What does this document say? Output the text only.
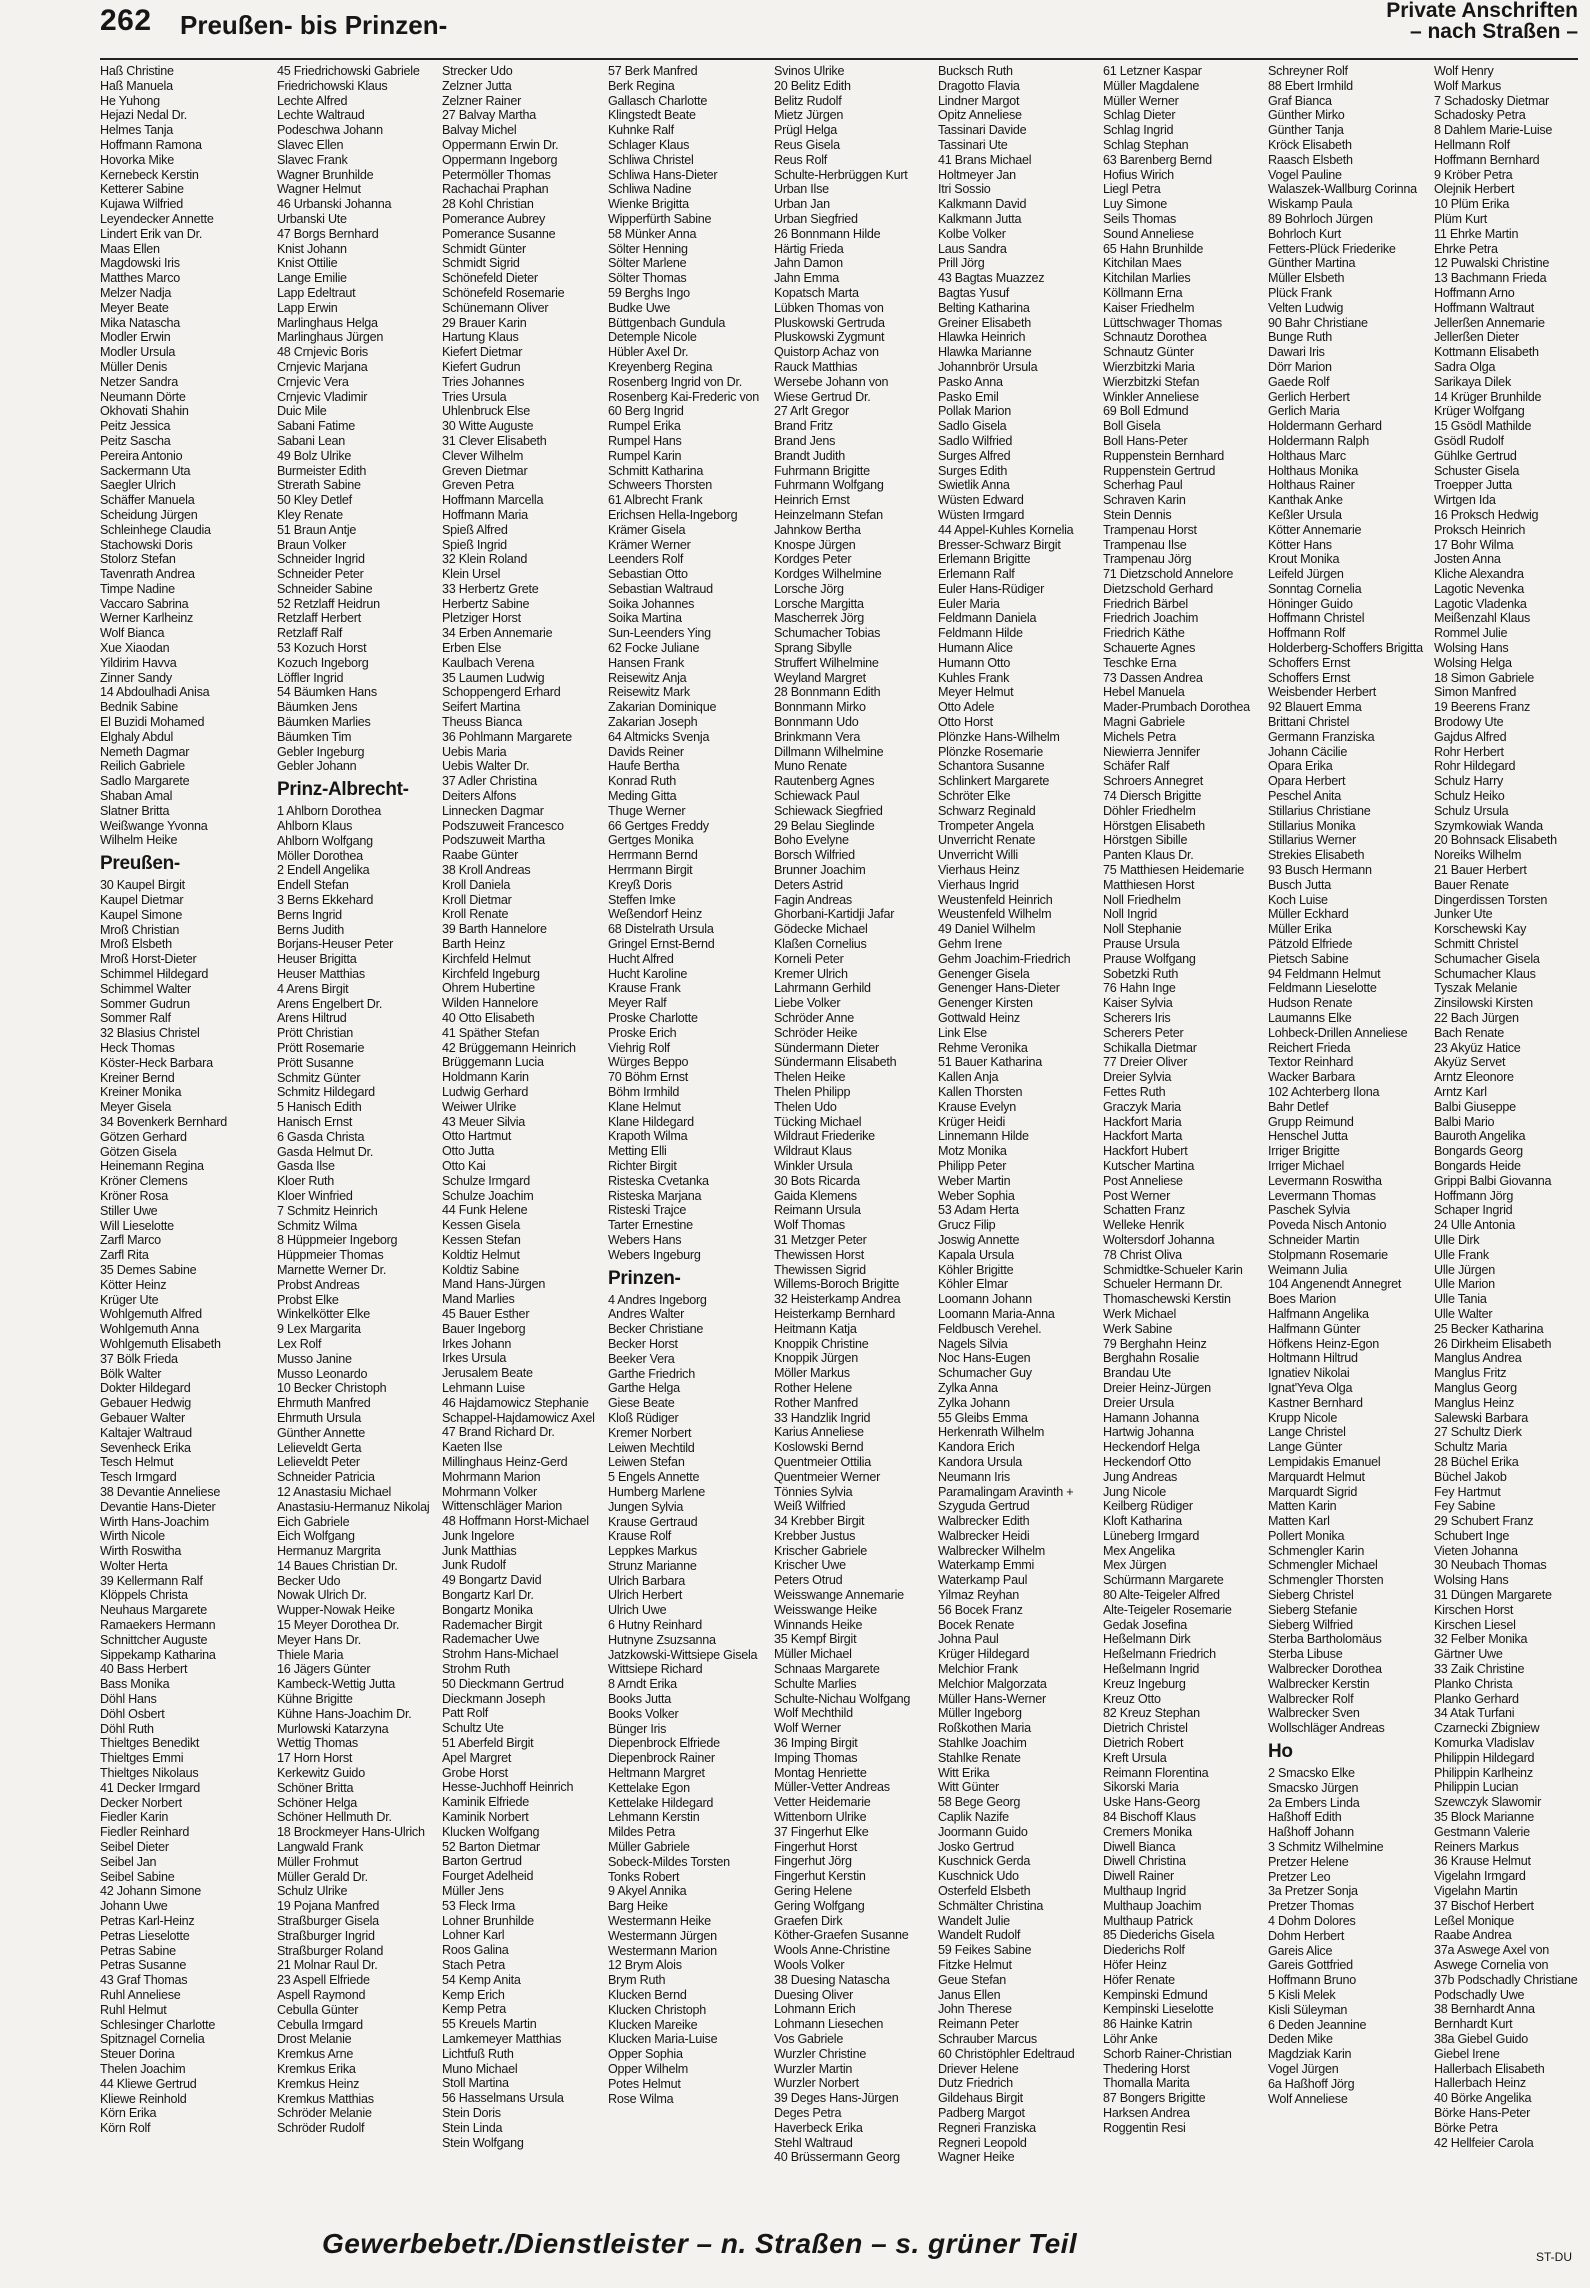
262 Preußen- bis Prinzen-	Private Anschriften
– nach Straßen –
Haß Christine
Haß Manuela
He Yuhong
Hejazi Nedal Dr.
Helmes Tanja
Hoffmann Ramona
Hovorka Mike
Kernebeck Kerstin
Ketterer Sabine
Kujawa Wilfried
Leyendecker Annette
Lindert Erik van Dr.
Maas Ellen
Magdowski Iris
Matthes Marco
Melzer Nadja
Meyer Beate
Mika Natascha
Modler Erwin
Modler Ursula
Müller Denis
Netzer Sandra
Neumann Dörte
Okhovati Shahin
Peitz Jessica
Peitz Sascha
Pereira Antonio
Sackermann Uta
Saegler Ulrich
Schäffer Manuela
Scheidung Jürgen
Schleinhege Claudia
Stachowski Doris
Stolorz Stefan
Tavenrath Andrea
Timpe Nadine
Vaccaro Sabrina
Werner Karlheinz
Wolf Bianca
Xue Xiaodan
Yildirim Havva
Zinner Sandy
14 Abdoulhadi Anisa
Bednik Sabine
El Buzidi Mohamed
Elghaly Abdul
Nemeth Dagmar
Reilich Gabriele
Sadlo Margarete
Shaban Amal
Slatner Britta
Weißwange Yvonna
Wilhelm Heike
Preußen-
30 Kaupel Birgit
Kaupel Dietmar
Kaupel Simone
Mroß Christian
Mroß Elsbeth
Mroß Horst-Dieter
Schimmel Hildegard
Schimmel Walter
Sommer Gudrun
Sommer Ralf
32 Blasius Christel
Heck Thomas
Köster-Heck Barbara
Kreiner Bernd
Kreiner Monika
Meyer Gisela
34 Bovenkerk Bernhard
Götzen Gerhard
Götzen Gisela
Heinemann Regina
Kröner Clemens
Kröner Rosa
Stiller Uwe
Will Lieselotte
Zarfl Marco
Zarfl Rita
35 Demes Sabine
Kötter Heinz
Krüger Ute
Wohlgemuth Alfred
Wohlgemuth Anna
Wohlgemuth Elisabeth
37 Bölk Frieda
Bölk Walter
Dokter Hildegard
Gebauer Hedwig
Gebauer Walter
Kaltajer Waltraud
Sevenheck Erika
Tesch Helmut
Tesch Irmgard
38 Devantie Anneliese
Devantie Hans-Dieter
Wirth Hans-Joachim
Wirth Nicole
Wirth Roswitha
Wolter Herta
39 Kellermann Ralf
Klöppels Christa
Neuhaus Margarete
Ramaekers Hermann
Schnittcher Auguste
Sippekamp Katharina
40 Bass Herbert
Bass Monika
Döhl Hans
Döhl Osbert
Döhl Ruth
Thieltges Benedikt
Thieltges Emmi
Thieltges Nikolaus
41 Decker Irmgard
Decker Norbert
Fiedler Karin
Fiedler Reinhard
Seibel Dieter
Seibel Jan
Seibel Sabine
42 Johann Simone
Johann Uwe
Petras Karl-Heinz
Petras Lieselotte
Petras Sabine
Petras Susanne
43 Graf Thomas
Ruhl Anneliese
Ruhl Helmut
Schlesinger Charlotte
Spitznagel Cornelia
Steuer Dorina
Thelen Joachim
44 Kliewe Gertrud
Kliewe Reinhold
Körn Erika
Körn Rolf
45 Friedrichowski Gabriele
Friedrichowski Klaus
Lechte Alfred
Lechte Waltraud
Podeschwa Johann
Slavec Ellen
Slavec Frank
Wagner Brunhilde
Wagner Helmut
46 Urbanski Johanna
Urbanski Ute
47 Borgs Bernhard
Knist Johann
Knist Ottilie
Lange Emilie
Lapp Edeltraut
Lapp Erwin
Marlinghaus Helga
Marlinghaus Jürgen
48 Crnjevic Boris
Crnjevic Marjana
Crnjevic Vera
Crnjevic Vladimir
Duic Mile
Sabani Fatime
Sabani Lean
49 Bolz Ulrike
Burmeister Edith
Strerath Sabine
50 Kley Detlef
Kley Renate
51 Braun Antje
Braun Volker
Schneider Ingrid
Schneider Peter
Schneider Sabine
52 Retzlaff Heidrun
Retzlaff Herbert
Retzlaff Ralf
53 Kozuch Horst
Kozuch Ingeborg
Löffler Ingrid
54 Bäumken Hans
Bäumken Jens
Bäumken Marlies
Bäumken Tim
Gebler Ingeburg
Gebler Johann
Prinz-Albrecht-
1 Ahlborn Dorothea
Ahlborn Klaus
Ahlborn Wolfgang
Möller Dorothea
2 Endell Angelika
Endell Stefan
3 Berns Ekkehard
Berns Ingrid
Berns Judith
Borjans-Heuser Peter
Heuser Brigitta
Heuser Matthias
4 Arens Birgit
Arens Engelbert Dr.
Arens Hiltrud
Prött Christian
Prött Rosemarie
Prött Susanne
Schmitz Günter
Schmitz Hildegard
5 Hanisch Edith
Hanisch Ernst
6 Gasda Christa
Gasda Helmut Dr.
Gasda Ilse
Kloer Ruth
Kloer Winfried
7 Schmitz Heinrich
Schmitz Wilma
8 Hüppmeier Ingeborg
Hüppmeier Thomas
Marnette Werner Dr.
Probst Andreas
Probst Elke
Winkelkötter Elke
9 Lex Margarita
Lex Rolf
Musso Janine
Musso Leonardo
10 Becker Christoph
Ehrmuth Manfred
Ehrmuth Ursula
Günther Annette
Lelieveldt Gerta
Lelieveldt Peter
Schneider Patricia
12 Anastasiu Michael
Anastasiu-Hermanuz Nikolaj
Eich Gabriele
Eich Wolfgang
Hermanuz Margrita
14 Baues Christian Dr.
Becker Udo
Nowak Ulrich Dr.
Wupper-Nowak Heike
15 Meyer Dorothea Dr.
Meyer Hans Dr.
Thiele Maria
16 Jägers Günter
Kambeck-Wettig Jutta
Kühne Brigitte
Kühne Hans-Joachim Dr.
Murlowski Katarzyna
Wettig Thomas
17 Horn Horst
Kerkewitz Guido
Schöner Britta
Schöner Helga
Schöner Hellmuth Dr.
18 Brockmeyer Hans-Ulrich
Langwald Frank
Müller Frohmut
Müller Gerald Dr.
Schulz Ulrike
19 Pojana Manfred
Straßburger Gisela
Straßburger Ingrid
Straßburger Roland
21 Molnar Raul Dr.
23 Aspell Elfriede
Aspell Raymond
Cebulla Günter
Cebulla Irmgard
Drost Melanie
Kremkus Arne
Kremkus Erika
Kremkus Heinz
Kremkus Matthias
Schröder Melanie
Schröder Rudolf
Strecker Udo
Zelzner Jutta
Zelzner Rainer
27 Balvay Martha
Balvay Michel
Oppermann Erwin Dr.
Oppermann Ingeborg
Petermöller Thomas
Rachachai Praphan
28 Kohl Christian
Pomerance Aubrey
Pomerance Susanne
Schmidt Günter
Schmidt Sigrid
Schönefeld Dieter
Schönefeld Rosemarie
Schünemann Oliver
29 Brauer Karin
Hartung Klaus
Kiefert Dietmar
Kiefert Gudrun
Tries Johannes
Tries Ursula
Uhlenbruck Else
30 Witte Auguste
31 Clever Elisabeth
Clever Wilhelm
Greven Dietmar
Greven Petra
Hoffmann Marcella
Hoffmann Maria
Spieß Alfred
Spieß Ingrid
32 Klein Roland
Klein Ursel
33 Herbertz Grete
Herbertz Sabine
Pletziger Horst
34 Erben Annemarie
Erben Else
Kaulbach Verena
35 Laumen Ludwig
Schoppengerd Erhard
Seifert Martina
Theuss Bianca
36 Pohlmann Margarete
Uebis Maria
Uebis Walter Dr.
37 Adler Christina
Deiters Alfons
Linnecken Dagmar
Podszuweit Francesco
Podszuweit Martha
Raabe Günter
38 Kroll Andreas
Kroll Daniela
Kroll Dietmar
Kroll Renate
39 Barth Hannelore
Barth Heinz
Kirchfeld Helmut
Kirchfeld Ingeburg
Ohrem Hubertine
Wilden Hannelore
40 Otto Elisabeth
41 Späther Stefan
42 Brüggemann Heinrich
Brüggemann Lucia
Holdmann Karin
Ludwig Gerhard
Weiwer Ulrike
43 Meuer Silvia
Otto Hartmut
Otto Jutta
Otto Kai
Schulze Irmgard
Schulze Joachim
44 Funk Helene
Kessen Gisela
Kessen Stefan
Koldtiz Helmut
Koldtiz Sabine
Mand Hans-Jürgen
Mand Marlies
45 Bauer Esther
Bauer Ingeborg
Irkes Johann
Irkes Ursula
Jerusalem Beate
Lehmann Luise
46 Hajdamowicz Stephanie
Schappel-Hajdamowicz Axel
47 Brand Richard Dr.
Kaeten Ilse
Millinghaus Heinz-Gerd
Mohrmann Marion
Mohrmann Volker
Wittenschläger Marion
48 Hoffmann Horst-Michael
Junk Ingelore
Junk Matthias
Junk Rudolf
49 Bongartz David
Bongartz Karl Dr.
Bongartz Monika
Rademacher Birgit
Rademacher Uwe
Strohm Hans-Michael
Strohm Ruth
50 Dieckmann Gertrud
Dieckmann Joseph
Patt Rolf
Schultz Ute
51 Aberfeld Birgit
Apel Margret
Grobe Horst
Hesse-Juchhoff Heinrich
Kaminik Elfriede
Kaminik Norbert
Klucken Wolfgang
52 Barton Dietmar
Barton Gertrud
Fourget Adelheid
Müller Jens
53 Fleck Irma
Lohner Brunhilde
Lohner Karl
Roos Galina
Stach Petra
54 Kemp Anita
Kemp Erich
Kemp Petra
55 Kreuels Martin
Lamkemeyer Matthias
Lichtfuß Ruth
Muno Michael
Stoll Martina
56 Hasselmans Ursula
Stein Doris
Stein Linda
Stein Wolfgang
57 Berk Manfred
Berk Regina
Gallasch Charlotte
Klingstedt Beate
Kuhnke Ralf
Schlager Klaus
Schliwa Christel
Schliwa Hans-Dieter
Schliwa Nadine
Wienke Brigitta
Wipperfürth Sabine
58 Münker Anna
Sölter Henning
Sölter Marlene
Sölter Thomas
59 Berghs Ingo
Budke Uwe
Büttgenbach Gundula
Detemple Nicole
Hübler Axel Dr.
Kreyenberg Regina
Rosenberg Ingrid von Dr.
Rosenberg Kai-Frederic von
60 Berg Ingrid
Rumpel Erika
Rumpel Hans
Rumpel Karin
Schmitt Katharina
Schweers Thorsten
61 Albrecht Frank
Erichsen Hella-Ingeborg
Krämer Gisela
Krämer Werner
Leenders Rolf
Sebastian Otto
Sebastian Waltraud
Soika Johannes
Soika Martina
Sun-Leenders Ying
62 Focke Juliane
Hansen Frank
Reisewitz Anja
Reisewitz Mark
Zakarian Dominique
Zakarian Joseph
64 Altmicks Svenja
Davids Reiner
Haufe Bertha
Konrad Ruth
Meding Gitta
Thuge Werner
66 Gertges Freddy
Gertges Monika
Herrmann Bernd
Herrmann Birgit
Kreyß Doris
Steffen Imke
Weßendorf Heinz
68 Distelrath Ursula
Gringel Ernst-Bernd
Hucht Alfred
Hucht Karoline
Krause Frank
Meyer Ralf
Proske Charlotte
Proske Erich
Viehrig Rolf
Würges Beppo
70 Böhm Ernst
Böhm Irmhild
Klane Helmut
Klane Hildegard
Krapoth Wilma
Metting Elli
Richter Birgit
Risteska Cvetanka
Risteska Marjana
Risteski Trajce
Tarter Ernestine
Webers Hans
Webers Ingeburg
Prinzen-
4 Andres Ingeborg
Andres Walter
Becker Christiane
Becker Horst
Beeker Vera
Garthe Friedrich
Garthe Helga
Giese Beate
Kloß Rüdiger
Kremer Norbert
Leiwen Mechtild
Leiwen Stefan
5 Engels Annette
Humberg Marlene
Jungen Sylvia
Krause Gertraud
Krause Rolf
Leppkes Markus
Strunz Marianne
Ulrich Barbara
Ulrich Herbert
Ulrich Uwe
6 Hutny Reinhard
Hutnyne Zsuzsanna
Jatzkowski-Wittsiepe Gisela
Wittsiepe Richard
8 Arndt Erika
Books Jutta
Books Volker
Bünger Iris
Diepenbrock Elfriede
Diepenbrock Rainer
Heltmann Margret
Kettelake Egon
Kettelake Hildegard
Lehmann Kerstin
Mildes Petra
Müller Gabriele
Sobeck-Mildes Torsten
Tonks Robert
9 Akyel Annika
Barg Heike
Westermann Heike
Westermann Jürgen
Westermann Marion
12 Brym Alois
Brym Ruth
Klucken Bernd
Klucken Christoph
Klucken Mareike
Klucken Maria-Luise
Opper Sophia
Opper Wilhelm
Potes Helmut
Rose Wilma
Svinos Ulrike
20 Belitz Edith
Belitz Rudolf
Mietz Jürgen
Prügl Helga
Reus Gisela
Reus Rolf
Schulte-Herbrüggen Kurt
Urban Ilse
Urban Jan
Urban Siegfried
26 Bonnmann Hilde
Härtig Frieda
Jahn Damon
Jahn Emma
Kopatsch Marta
Lübken Thomas von
Pluskowski Gertruda
Pluskowski Zygmunt
Quistorp Achaz von
Rauck Matthias
Wersebe Johann von
Wiese Gertrud Dr.
27 Arlt Gregor
Brand Fritz
Brand Jens
Brandt Judith
Fuhrmann Brigitte
Fuhrmann Wolfgang
Heinrich Ernst
Heinzelmann Stefan
Jahnkow Bertha
Knospe Jürgen
Kordges Peter
Kordges Wilhelmine
Lorsche Jörg
Lorsche Margitta
Mascherrek Jörg
Schumacher Tobias
Sprang Sibylle
Struffert Wilhelmine
Weyland Margret
28 Bonnmann Edith
Bonnmann Mirko
Bonnmann Udo
Brinkmann Vera
Dillmann Wilhelmine
Muno Renate
Rautenberg Agnes
Schiewack Paul
Schiewack Siegfried
29 Belau Sieglinde
Boho Evelyne
Borsch Wilfried
Brunner Joachim
Deters Astrid
Fagin Andreas
Ghorbani-Kartidji Jafar
Gödecke Michael
Klaßen Cornelius
Korneli Peter
Kremer Ulrich
Lahrmann Gerhild
Liebe Volker
Schröder Anne
Schröder Heike
Sündermann Dieter
Sündermann Elisabeth
Thelen Heike
Thelen Philipp
Thelen Udo
Tücking Michael
Wildraut Friederike
Wildraut Klaus
Winkler Ursula
30 Bots Ricarda
Gaida Klemens
Reimann Ursula
Wolf Thomas
31 Metzger Peter
Thewissen Horst
Thewissen Sigrid
Willems-Boroch Brigitte
32 Heisterkamp Andrea
Heisterkamp Bernhard
Heitmann Katja
Knoppik Christine
Knoppik Jürgen
Möller Markus
Rother Helene
Rother Manfred
33 Handzlik Ingrid
Karius Anneliese
Koslowski Bernd
Quentmeier Ottilia
Quentmeier Werner
Tönnies Sylvia
Weiß Wilfried
34 Krebber Birgit
Krebber Justus
Krischer Gabriele
Krischer Uwe
Peters Otrud
Weisswange Annemarie
Weisswange Heike
Winnands Heike
35 Kempf Birgit
Müller Michael
Schnaas Margarete
Schulte Marlies
Schulte-Nichau Wolfgang
Wolf Mechthild
Wolf Werner
36 Imping Birgit
Imping Thomas
Montag Henriette
Müller-Vetter Andreas
Vetter Heidemarie
Wittenborn Ulrike
37 Fingerhut Elke
Fingerhut Horst
Fingerhut Jörg
Fingerhut Kerstin
Gering Helene
Gering Wolfgang
Graefen Dirk
Köther-Graefen Susanne
Wools Anne-Christine
Wools Volker
38 Duesing Natascha
Duesing Oliver
Lohmann Erich
Lohmann Liesechen
Vos Gabriele
Wurzler Christine
Wurzler Martin
Wurzler Norbert
39 Deges Hans-Jürgen
Deges Petra
Haverbeck Erika
Stehl Waltraud
40 Brüssermann Georg
Bucksch Ruth
Dragotto Flavia
Lindner Margot
Opitz Anneliese
Tassinari Davide
Tassinari Ute
41 Brans Michael
Holtmeyer Jan
Itri Sossio
Kalkmann David
Kalkmann Jutta
Kolbe Volker
Laus Sandra
Prill Jörg
43 Bagtas Muazzez
Bagtas Yusuf
Belting Katharina
Greiner Elisabeth
Hlawka Heinrich
Hlawka Marianne
Johannbrör Ursula
Pasko Anna
Pasko Emil
Pollak Marion
Sadlo Gisela
Sadlo Wilfried
Surges Alfred
Surges Edith
Swietlik Anna
Wüsten Edward
Wüsten Irmgard
44 Appel-Kuhles Kornelia
Bresser-Schwarz Birgit
Erlemann Brigitte
Erlemann Ralf
Euler Hans-Rüdiger
Euler Maria
Feldmann Daniela
Feldmann Hilde
Humann Alice
Humann Otto
Kuhles Frank
Meyer Helmut
Otto Adele
Otto Horst
Plönzke Hans-Wilhelm
Plönzke Rosemarie
Schantora Susanne
Schlinkert Margarete
Schröter Elke
Schwarz Reginald
Trompeter Angela
Unverricht Renate
Unverricht Willi
Vierhaus Heinz
Vierhaus Ingrid
Weustenfeld Heinrich
Weustenfeld Wilhelm
49 Daniel Wilhelm
Gehm Irene
Gehm Joachim-Friedrich
Genenger Gisela
Genenger Hans-Dieter
Genenger Kirsten
Gottwald Heinz
Link Else
Rehme Veronika
51 Bauer Katharina
Kallen Anja
Kallen Thorsten
Krause Evelyn
Krüger Heidi
Linnemann Hilde
Motz Monika
Philipp Peter
Weber Martin
Weber Sophia
53 Adam Herta
Grucz Filip
Joswig Annette
Kapala Ursula
Köhler Brigitte
Köhler Elmar
Loomann Johann
Loomann Maria-Anna
Feldbusch Verehel.
Nagels Silvia
Noc Hans-Eugen
Schumacher Guy
Zylka Anna
Zylka Johann
55 Gleibs Emma
Herkenrath Wilhelm
Kandora Erich
Kandora Ursula
Neumann Iris
Paramalingam Aravinth +
Szyguda Gertrud
Walbrecker Edith
Walbrecker Heidi
Walbrecker Wilhelm
Waterkamp Emmi
Waterkamp Paul
Yilmaz Reyhan
56 Bocek Franz
Bocek Renate
Johna Paul
Krüger Hildegard
Melchior Frank
Melchior Malgorzata
Müller Hans-Werner
Müller Ingeborg
Roßkothen Maria
Stahlke Joachim
Stahlke Renate
Witt Erika
Witt Günter
58 Bege Georg
Caplik Nazife
Joormann Guido
Josko Gertrud
Kuschnick Gerda
Kuschnick Udo
Osterfeld Elsbeth
Schmälter Christina
Wandelt Julie
Wandelt Rudolf
59 Feikes Sabine
Fitzke Helmut
Geue Stefan
Janus Ellen
John Therese
Reimann Peter
Schrauber Marcus
60 Christöphler Edeltraud
Driever Helene
Dutz Friedrich
Gildehaus Birgit
Padberg Margot
Regneri Franziska
Regneri Leopold
Wagner Heike
61 Letzner Kaspar
Müller Magdalene
Müller Werner
Schlag Dieter
Schlag Ingrid
Schlag Stephan
63 Barenberg Bernd
Hofius Wirich
Liegl Petra
Luy Simone
Seils Thomas
Sound Anneliese
65 Hahn Brunhilde
Kitchilan Maes
Kitchilan Marlies
Köllmann Erna
Kaiser Friedhelm
Lüttschwager Thomas
Schnautz Dorothea
Schnautz Günter
Wierzbitzki Maria
Wierzbitzki Stefan
Winkler Anneliese
69 Boll Edmund
Boll Gisela
Boll Hans-Peter
Ruppenstein Bernhard
Ruppenstein Gertrud
Scherhag Paul
Schraven Karin
Stein Dennis
Trampenau Horst
Trampenau Ilse
Trampenau Jörg
71 Dietzschold Annelore
Dietzschold Gerhard
Friedrich Bärbel
Friedrich Joachim
Friedrich Käthe
Schauerte Agnes
Teschke Erna
73 Dassen Andrea
Hebel Manuela
Mader-Prumbach Dorothea
Magni Gabriele
Michels Petra
Niewierra Jennifer
Schäfer Ralf
Schroers Annegret
74 Diersch Brigitte
Döhler Friedhelm
Hörstgen Elisabeth
Hörstgen Sibille
Panten Klaus Dr.
75 Matthiesen Heidemarie
Matthiesen Horst
Noll Friedhelm
Noll Ingrid
Noll Stephanie
Prause Ursula
Prause Wolfgang
Sobetzki Ruth
76 Hahn Inge
Kaiser Sylvia
Scherers Iris
Scherers Peter
Schikalla Dietmar
77 Dreier Oliver
Dreier Sylvia
Fettes Ruth
Graczyk Maria
Hackfort Maria
Hackfort Marta
Hackfort Hubert
Kutscher Martina
Post Anneliese
Post Werner
Schatten Franz
Welleke Henrik
Woltersdorf Johanna
78 Christ Oliva
Schmidtke-Schueler Karin
Schueler Hermann Dr.
Thomaschewski Kerstin
Werk Michael
Werk Sabine
79 Berghahn Heinz
Berghahn Rosalie
Brandau Ute
Dreier Heinz-Jürgen
Dreier Ursula
Hamann Johanna
Hartwig Johanna
Heckendorf Helga
Heckendorf Otto
Jung Andreas
Jung Nicole
Keilberg Rüdiger
Kloft Katharina
Lüneberg Irmgard
Mex Angelika
Mex Jürgen
Schürmann Margarete
80 Alte-Teigeler Alfred
Alte-Teigeler Rosemarie
Gedak Josefina
Heßelmann Dirk
Heßelmann Friedrich
Heßelmann Ingrid
Kreuz Ingeburg
Kreuz Otto
82 Kreuz Stephan
Dietrich Christel
Dietrich Robert
Kreft Ursula
Reimann Florentina
Sikorski Maria
Uske Hans-Georg
84 Bischoff Klaus
Cremers Monika
Diwell Bianca
Diwell Christina
Diwell Rainer
Multhaup Ingrid
Multhaup Joachim
Multhaup Patrick
85 Diederichs Gisela
Diederichs Rolf
Höfer Heinz
Höfer Renate
Kempinski Edmund
Kempinski Lieselotte
86 Hainke Katrin
Löhr Anke
Schorb Rainer-Christian
Thedering Horst
Thomalla Marita
87 Bongers Brigitte
Harksen Andrea
Roggentin Resi
Schreyner Rolf
88 Ebert Irmhild
Graf Bianca
Günther Mirko
Günther Tanja
Kröck Elisabeth
Raasch Elsbeth
Vogel Pauline
Walaszek-Wallburg Corinna
Wiskamp Paula
89 Bohrloch Jürgen
Bohrloch Kurt
Fetters-Plück Friederike
Günther Martina
Müller Elsbeth
Plück Frank
Velten Ludwig
90 Bahr Christiane
Bunge Ruth
Dawari Iris
Dörr Marion
Gaede Rolf
Gerlich Herbert
Gerlich Maria
Holdermann Gerhard
Holdermann Ralph
Holthaus Marc
Holthaus Monika
Holthaus Rainer
Kanthak Anke
Keßler Ursula
Kötter Annemarie
Kötter Hans
Krout Monika
Leifeld Jürgen
Sonntag Cornelia
Höninger Guido
Hoffmann Christel
Hoffmann Rolf
Holderberg-Schoffers Brigitta
Schoffers Ernst
Schoffers Ernst
Weisbender Herbert
92 Blauert Emma
Brittani Christel
Germann Franziska
Johann Cäcilie
Opara Erika
Opara Herbert
Peschel Anita
Stillarius Christiane
Stillarius Monika
Stillarius Werner
Strekies Elisabeth
93 Busch Hermann
Busch Jutta
Koch Luise
Müller Eckhard
Müller Erika
Pätzold Elfriede
Pietsch Sabine
94 Feldmann Helmut
Feldmann Lieselotte
Hudson Renate
Laumanns Elke
Lohbeck-Drillen Anneliese
Reichert Frieda
Textor Reinhard
Wacker Barbara
102 Achterberg Ilona
Bahr Detlef
Grupp Reimund
Henschel Jutta
Irriger Brigitte
Irriger Michael
Levermann Roswitha
Levermann Thomas
Paschek Sylvia
Poveda Nisch Antonio
Schneider Martin
Stolpmann Rosemarie
Weimann Julia
104 Angenendt Annegret
Boes Marion
Halfmann Angelika
Halfmann Günter
Höfkens Heinz-Egon
Holtmann Hiltrud
Ignatiev Nikolai
Ignat'Yeva Olga
Kastner Bernhard
Krupp Nicole
Lange Christel
Lange Günter
Lempidakis Emanuel
Marquardt Helmut
Marquardt Sigrid
Matten Karin
Matten Karl
Pollert Monika
Schmengler Karin
Schmengler Michael
Schmengler Thorsten
Sieberg Christel
Sieberg Stefanie
Sieberg Wilfried
Sterba Bartholomäus
Sterba Libuse
Walbrecker Dorothea
Walbrecker Kerstin
Walbrecker Rolf
Walbrecker Sven
Wollschläger Andreas
Ho
2 Smacsko Elke
Smacsko Jürgen
2a Embers Linda
Haßhoff Edith
Haßhoff Johann
3 Schmitz Wilhelmine
Pretzer Helene
Pretzer Leo
3a Pretzer Sonja
Pretzer Thomas
4 Dohm Dolores
Dohm Herbert
Gareis Alice
Gareis Gottfried
Hoffmann Bruno
5 Kisli Melek
Kisli Süleyman
6 Deden Jeannine
Deden Mike
Magdziak Karin
Vogel Jürgen
6a Haßhoff Jörg
Wolf Anneliese
Wolf Henry
Wolf Markus
7 Schadosky Dietmar
Schadosky Petra
8 Dahlem Marie-Luise
Hellmann Rolf
Hoffmann Bernhard
9 Kröber Petra
Olejnik Herbert
10 Plüm Erika
Plüm Kurt
11 Ehrke Martin
Ehrke Petra
12 Puwalski Christine
13 Bachmann Frieda
Hoffmann Arno
Hoffmann Waltraut
Jellerßen Annemarie
Jellerßen Dieter
Kottmann Elisabeth
Sadra Olga
Sarikaya Dilek
14 Krüger Brunhilde
Krüger Wolfgang
15 Gsödl Mathilde
Gsödl Rudolf
Gühlke Gertrud
Schuster Gisela
Troepper Jutta
Wirtgen Ida
16 Proksch Hedwig
Proksch Heinrich
17 Bohr Wilma
Josten Anna
Kliche Alexandra
Lagotic Nevenka
Lagotic Vladenka
Meißenzahl Klaus
Rommel Julie
Wolsing Hans
Wolsing Helga
18 Simon Gabriele
Simon Manfred
19 Beerens Franz
Brodowy Ute
Gajdus Alfred
Rohr Herbert
Rohr Hildegard
Schulz Harry
Schulz Heiko
Schulz Ursula
Szymkowiak Wanda
20 Bohnsack Elisabeth
Noreiks Wilhelm
21 Bauer Herbert
Bauer Renate
Dingerdissen Torsten
Junker Ute
Korschewski Kay
Schmitt Christel
Schumacher Gisela
Schumacher Klaus
Tyszak Melanie
Zinsilowski Kirsten
22 Bach Jürgen
Bach Renate
23 Akyüz Hatice
Akyüz Servet
Arntz Eleonore
Arntz Karl
Balbi Giuseppe
Balbi Mario
Bauroth Angelika
Bongards Georg
Bongards Heide
Grippi Balbi Giovanna
Hoffmann Jörg
Schaper Ingrid
24 Ulle Antonia
Ulle Dirk
Ulle Frank
Ulle Jürgen
Ulle Marion
Ulle Tania
Ulle Walter
25 Becker Katharina
26 Dirkheim Elisabeth
Manglus Andrea
Manglus Fritz
Manglus Georg
Manglus Heinz
Salewski Barbara
27 Schultz Dierk
Schultz Maria
28 Büchel Erika
Büchel Jakob
Fey Hartmut
Fey Sabine
29 Schubert Franz
Schubert Inge
Vieten Johanna
30 Neubach Thomas
Wolsing Hans
31 Düngen Margarete
Kirschen Horst
Kirschen Liesel
32 Felber Monika
Gärtner Uwe
33 Zaik Christine
Planko Christa
Planko Gerhard
34 Atak Turfani
Czarnecki Zbigniew
Komurka Vladislav
Philippin Hildegard
Philippin Karlheinz
Philippin Lucian
Szewczyk Slawomir
35 Block Marianne
Gestmann Valerie
Reiners Markus
36 Krause Helmut
Vigelahn Irmgard
Vigelahn Martin
37 Bischof Herbert
Leßel Monique
Raabe Andrea
37a Aswege Axel von
Aswege Cornelia von
37b Podschadly Christiane
Podschadly Uwe
38 Bernhardt Anna
Bernhardt Kurt
38a Giebel Guido
Giebel Irene
Hallerbach Elisabeth
Hallerbach Heinz
40 Börke Angelika
Börke Hans-Peter
Börke Petra
42 Hellfeier Carola
Gewerbebetr./Dienstleister – n. Straßen – s. grüner Teil	ST-DU
